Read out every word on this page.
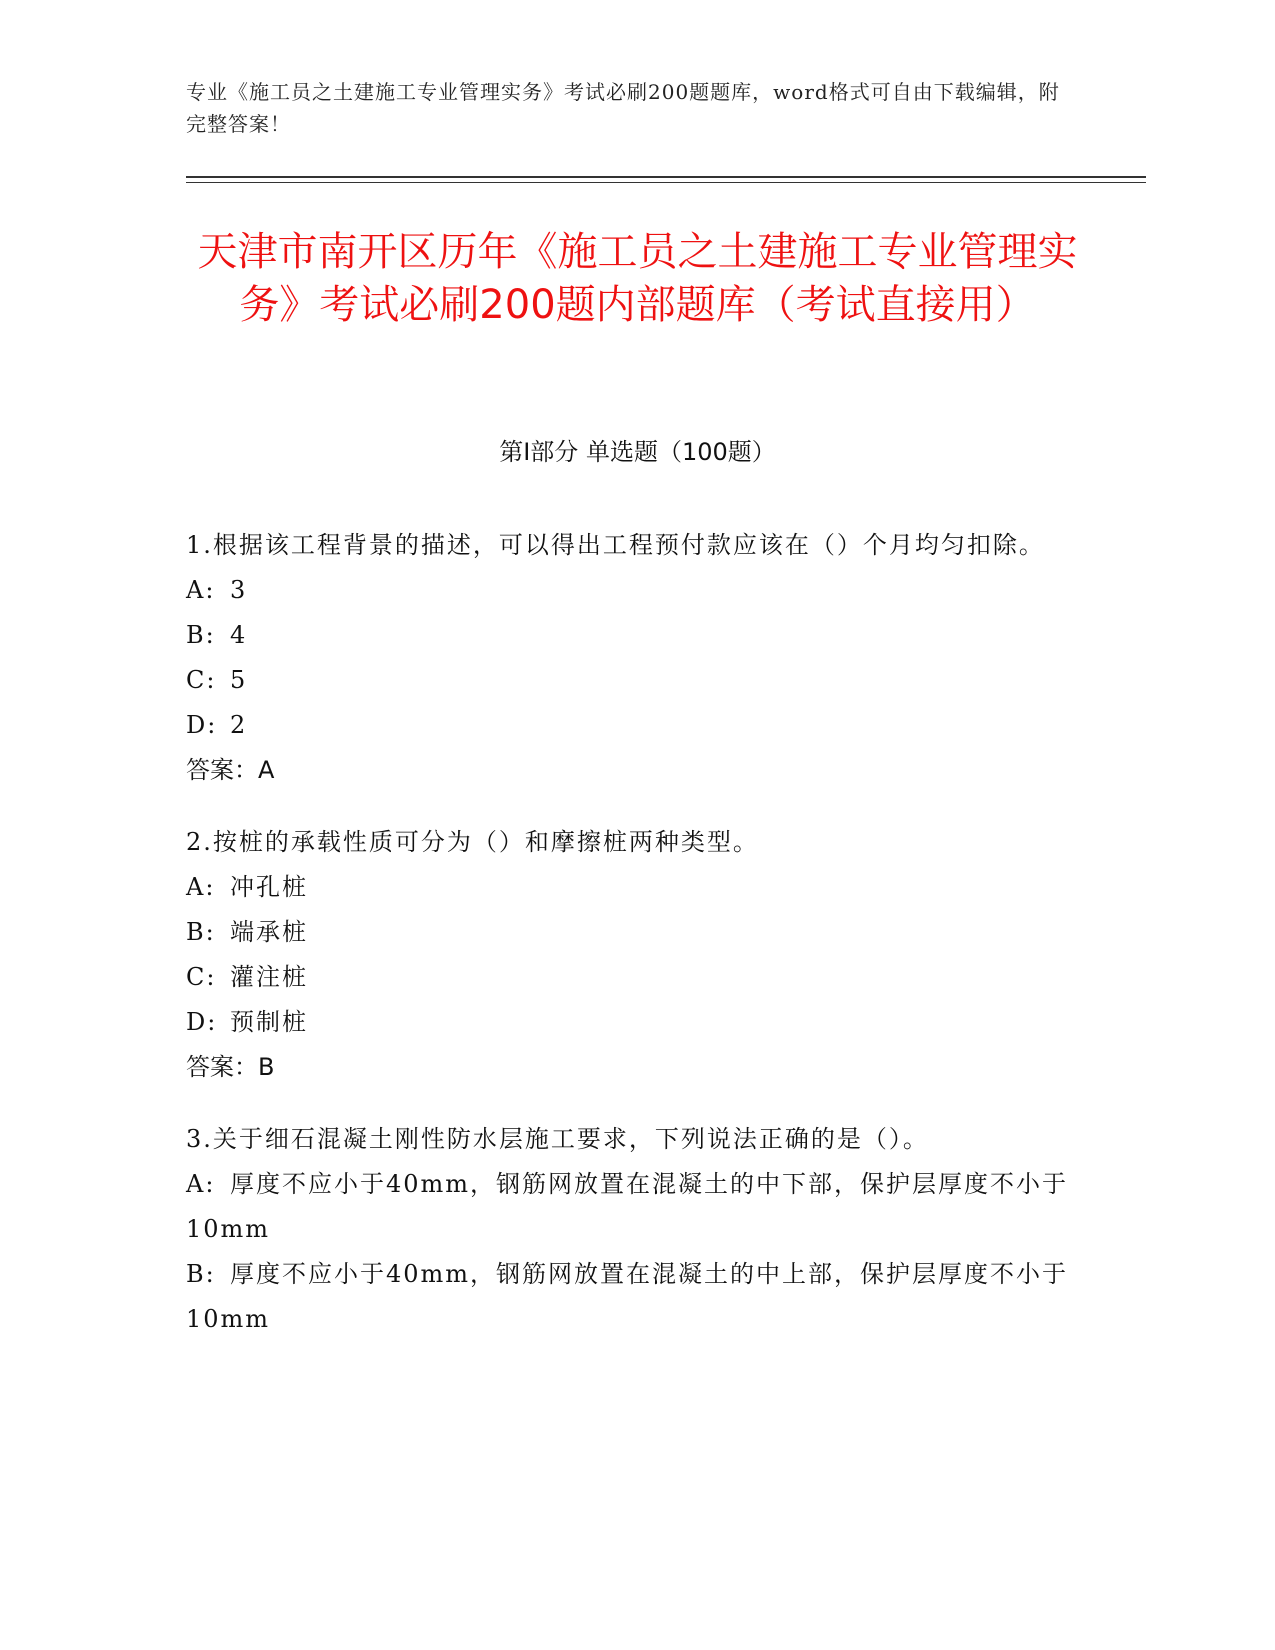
专业《施工员之土建施工专业管理实务》考试必刷200题题库，word格式可自由下载编辑，附完整答案！
天津市南开区历年《施工员之土建施工专业管理实务》考试必刷200题内部题库（考试直接用）
第I部分 单选题（100题）
1.根据该工程背景的描述，可以得出工程预付款应该在（）个月均匀扣除。
A: 3
B: 4
C: 5
D: 2
答案：A
2.按桩的承载性质可分为（）和摩擦桩两种类型。
A: 冲孔桩
B: 端承桩
C: 灌注桩
D: 预制桩
答案：B
3.关于细石混凝土刚性防水层施工要求，下列说法正确的是（）。
A: 厚度不应小于40mm，钢筋网放置在混凝土的中下部，保护层厚度不小于10mm
B: 厚度不应小于40mm，钢筋网放置在混凝土的中上部，保护层厚度不小于10mm
